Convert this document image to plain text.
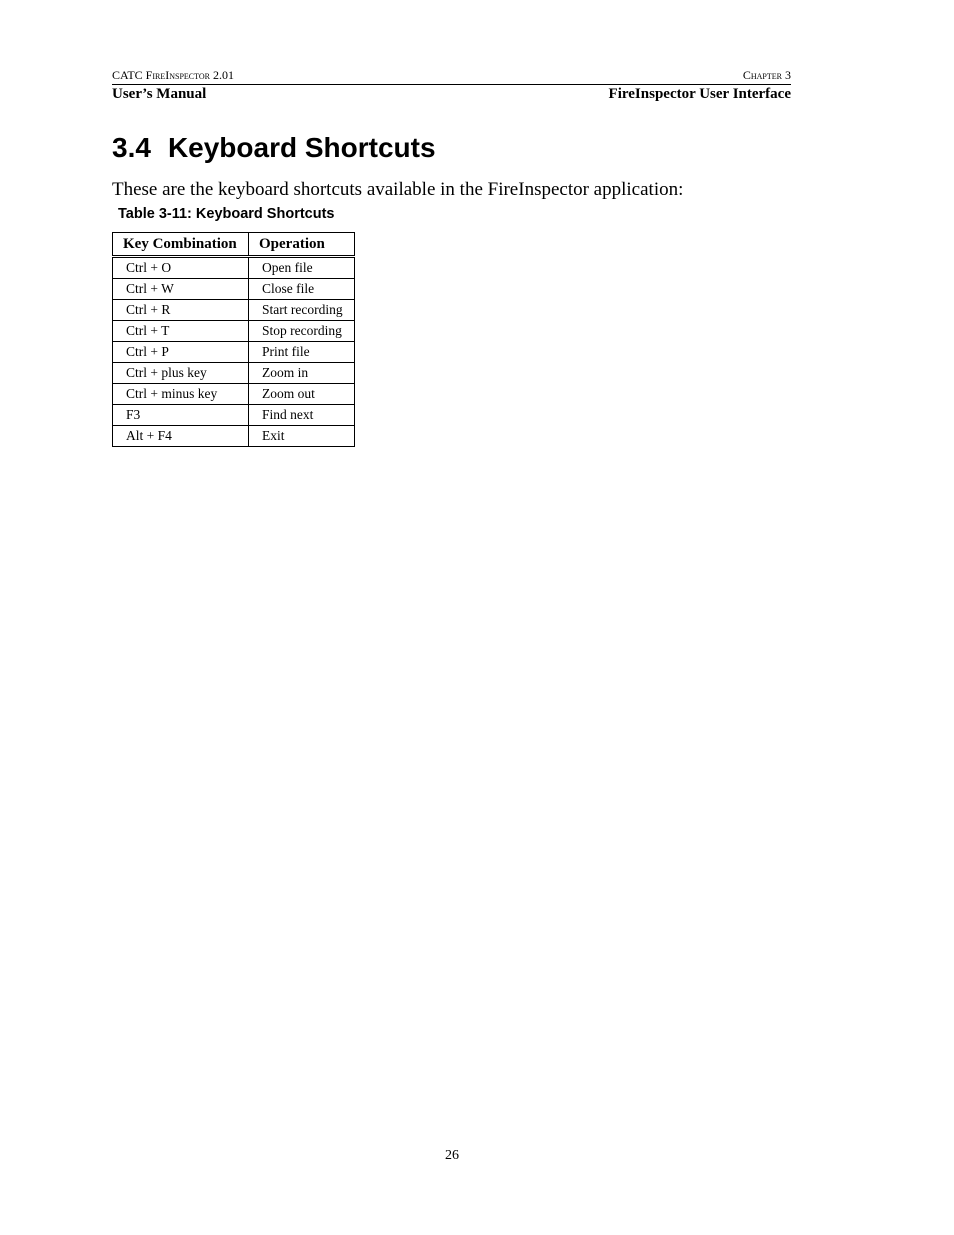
CATC FireInspector 2.01	Chapter 3
User’s Manual	FireInspector User Interface
3.4 Keyboard Shortcuts
These are the keyboard shortcuts available in the FireInspector application:
Table 3-11: Keyboard Shortcuts
Key Combination	Operation
Ctrl + O	Open file
Ctrl + W	Close file
Ctrl + R	Start recording
Ctrl + T	Stop recording
Ctrl + P	Print file
Ctrl + plus key	Zoom in
Ctrl + minus key	Zoom out
F3	Find next
Alt + F4	Exit
26
